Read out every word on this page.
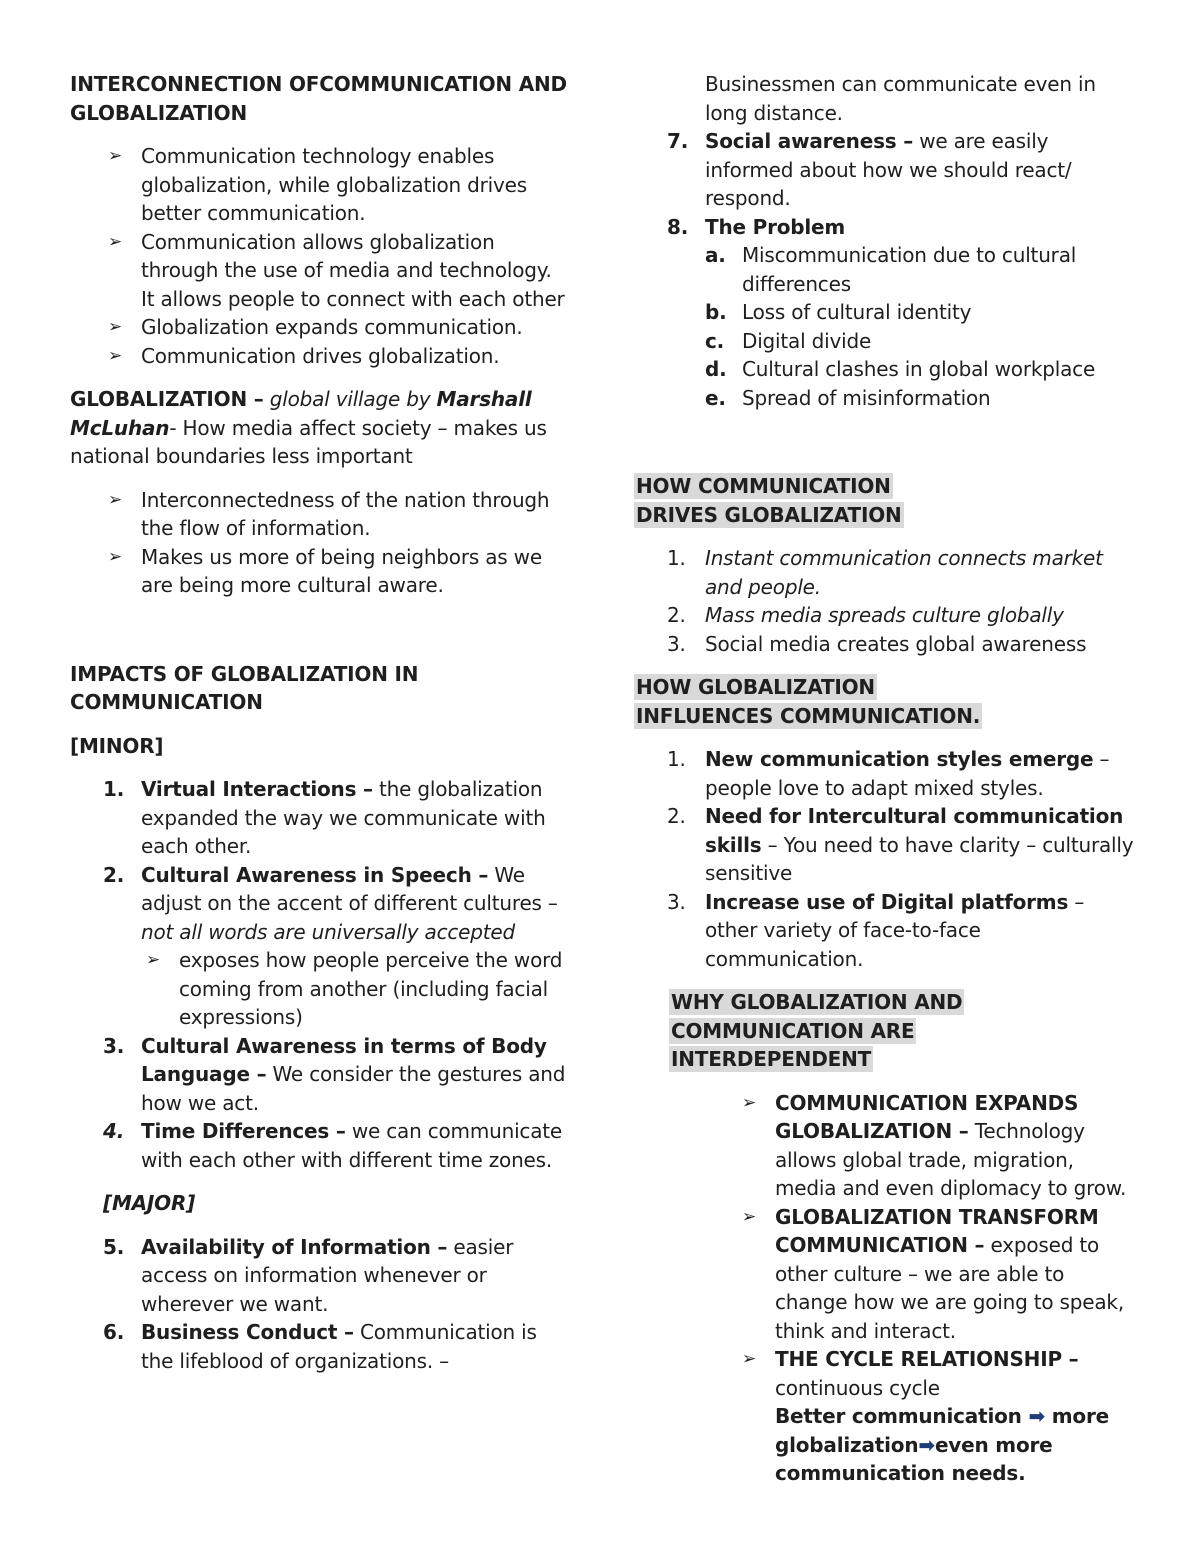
INTERCONNECTION OFCOMMUNICATION AND GLOBALIZATION

➢ Communication technology enables globalization, while globalization drives better communication.
➢ Communication allows globalization through the use of media and technology. It allows people to connect with each other
➢ Globalization expands communication.
➢ Communication drives globalization.

GLOBALIZATION – global village by Marshall McLuhan- How media affect society – makes us national boundaries less important

➢ Interconnectedness of the nation through the flow of information.
➢ Makes us more of being neighbors as we are being more cultural aware.

IMPACTS OF GLOBALIZATION IN COMMUNICATION

[MINOR]

1. Virtual Interactions – the globalization expanded the way we communicate with each other.
2. Cultural Awareness in Speech – We adjust on the accent of different cultures –not all words are universally accepted
➢ exposes how people perceive the word coming from another (including facial expressions)
3. Cultural Awareness in terms of Body Language – We consider the gestures and how we act.
4. Time Differences – we can communicate with each other with different time zones.

[MAJOR]

5. Availability of Information – easier access on information whenever or wherever we want.
6. Business Conduct – Communication is the lifeblood of organizations. –

Businessmen can communicate even in long distance.

7. Social awareness – we are easily informed about how we should react/ respond.
8. The Problem
a. Miscommunication due to cultural differences
b. Loss of cultural identity
c. Digital divide
d. Cultural clashes in global workplace
e. Spread of misinformation

HOW COMMUNICATION DRIVES GLOBALIZATION

1. Instant communication connects market and people.
2. Mass media spreads culture globally
3. Social media creates global awareness

HOW GLOBALIZATION INFLUENCES COMMUNICATION.

1. New communication styles emerge – people love to adapt mixed styles.
2. Need for Intercultural communication skills – You need to have clarity – culturally sensitive
3. Increase use of Digital platforms – other variety of face-to-face communication.

WHY GLOBALIZATION AND COMMUNICATION ARE INTERDEPENDENT

➢ COMMUNICATION EXPANDS GLOBALIZATION – Technology allows global trade, migration, media and even diplomacy to grow.
➢ GLOBALIZATION TRANSFORM COMMUNICATION – exposed to other culture – we are able to change how we are going to speak, think and interact.
➢ THE CYCLE RELATIONSHIP – continuous cycle
Better communication ➡ more globalization➡even more communication needs.
